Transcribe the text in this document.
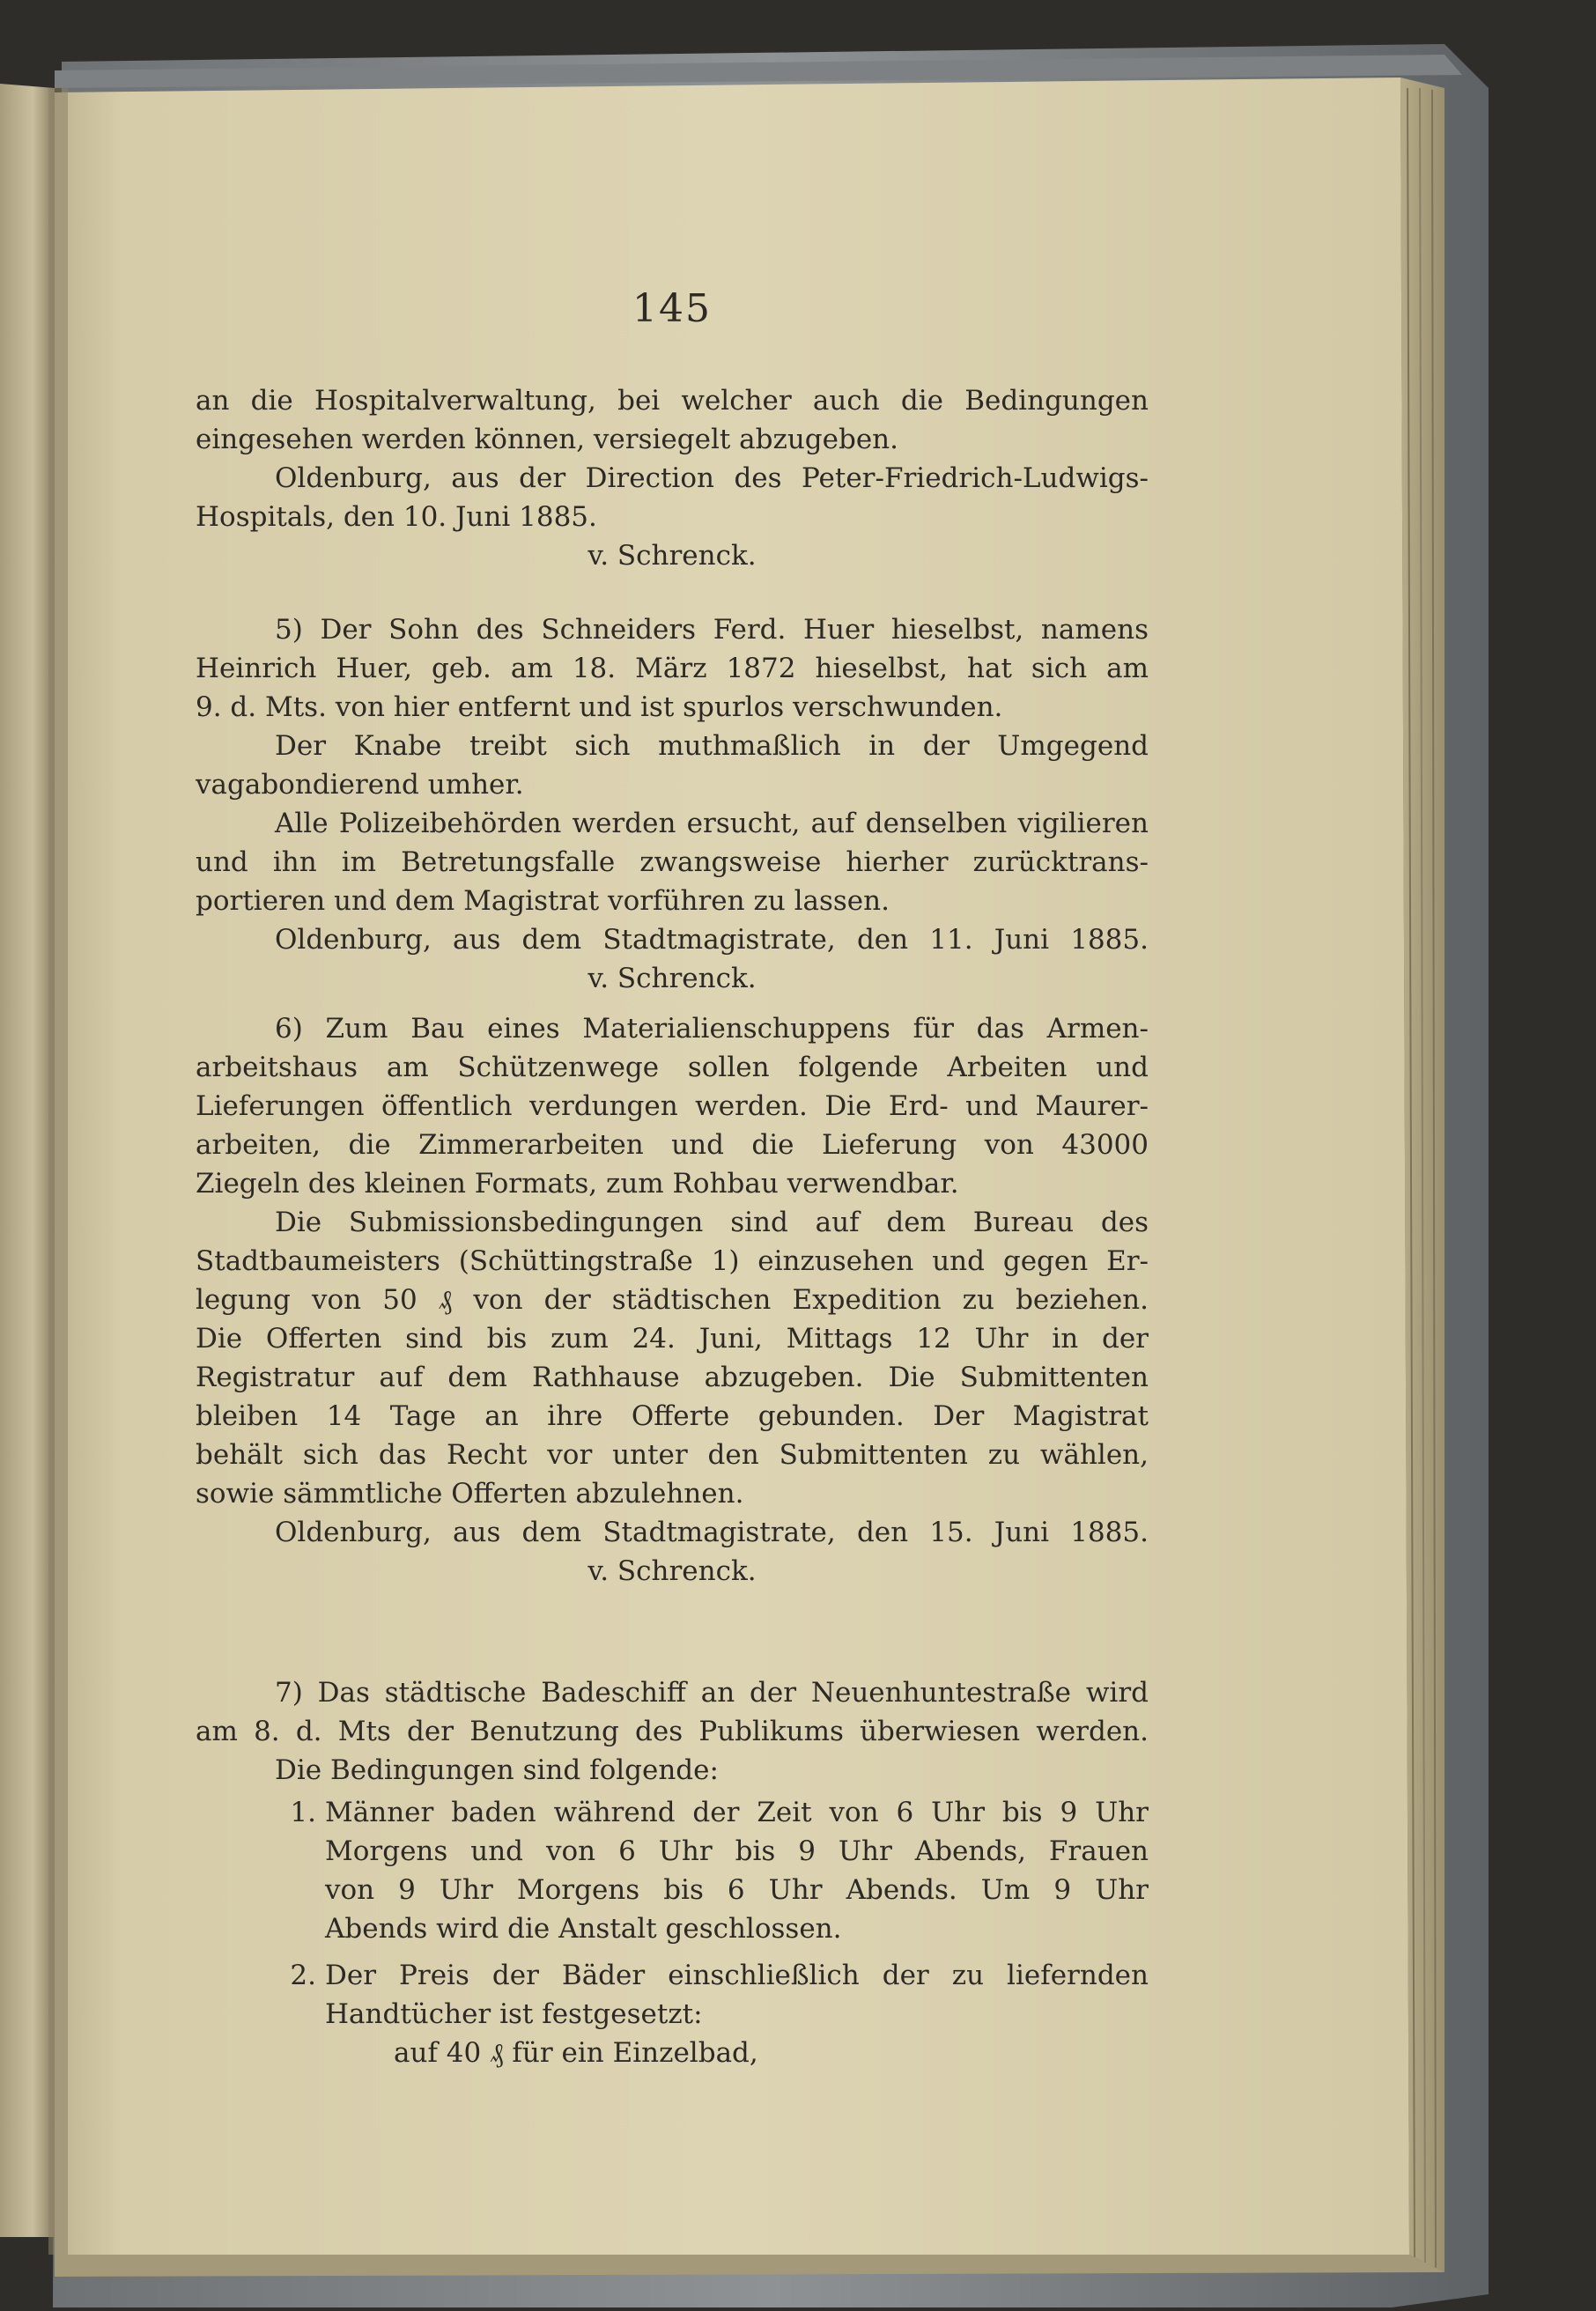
145
an die Hospitalverwaltung, bei welcher auch die Bedingungen
eingesehen werden können, versiegelt abzugeben.
Oldenburg, aus der Direction des Peter-Friedrich-Ludwigs-
Hospitals, den 10. Juni 1885.
v. Schrenck.
5) Der Sohn des Schneiders Ferd. Huer hieselbst, namens
Heinrich Huer, geb. am 18. März 1872 hieselbst, hat sich am
9. d. Mts. von hier entfernt und ist spurlos verschwunden.
Der Knabe treibt sich muthmaßlich in der Umgegend
vagabondierend umher.
Alle Polizeibehörden werden ersucht, auf denselben vigilieren
und ihn im Betretungsfalle zwangsweise hierher zurücktrans-
portieren und dem Magistrat vorführen zu lassen.
Oldenburg, aus dem Stadtmagistrate, den 11. Juni 1885.
v. Schrenck.
6) Zum Bau eines Materialienschuppens für das Armen-
arbeitshaus am Schützenwege sollen folgende Arbeiten und
Lieferungen öffentlich verdungen werden. Die Erd- und Maurer-
arbeiten, die Zimmerarbeiten und die Lieferung von 43000
Ziegeln des kleinen Formats, zum Rohbau verwendbar.
Die Submissionsbedingungen sind auf dem Bureau des
Stadtbaumeisters (Schüttingstraße 1) einzusehen und gegen Er-
legung von 50 ₰ von der städtischen Expedition zu beziehen.
Die Offerten sind bis zum 24. Juni, Mittags 12 Uhr in der
Registratur auf dem Rathhause abzugeben. Die Submittenten
bleiben 14 Tage an ihre Offerte gebunden. Der Magistrat
behält sich das Recht vor unter den Submittenten zu wählen,
sowie sämmtliche Offerten abzulehnen.
Oldenburg, aus dem Stadtmagistrate, den 15. Juni 1885.
v. Schrenck.
7) Das städtische Badeschiff an der Neuenhuntestraße wird
am 8. d. Mts der Benutzung des Publikums überwiesen werden.
Die Bedingungen sind folgende:
1. Männer baden während der Zeit von 6 Uhr bis 9 Uhr
Morgens und von 6 Uhr bis 9 Uhr Abends, Frauen
von 9 Uhr Morgens bis 6 Uhr Abends. Um 9 Uhr
Abends wird die Anstalt geschlossen.
2. Der Preis der Bäder einschließlich der zu liefernden
Handtücher ist festgesetzt:
auf 40 ₰ für ein Einzelbad,
